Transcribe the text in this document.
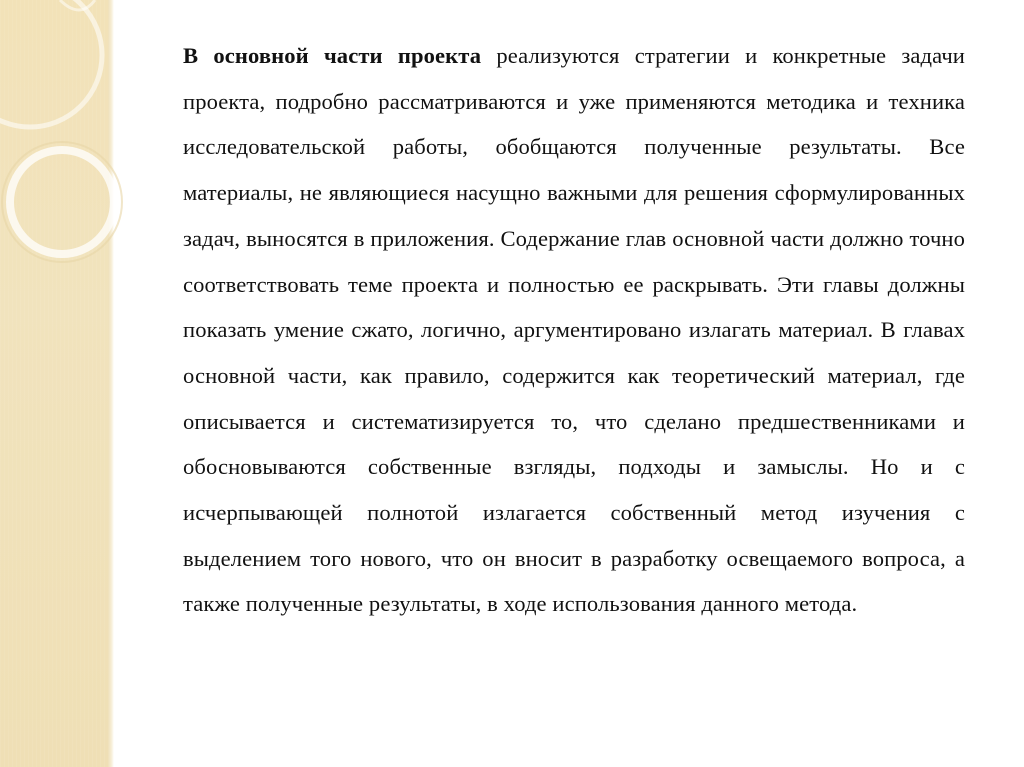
В основной части проекта реализуются стратегии и конкретные задачи проекта, подробно рассматриваются и уже применяются методика и техника исследовательской работы, обобщаются полученные результаты. Все материалы, не являющиеся насущно важными для решения сформулированных задач, выносятся в приложения. Содержание глав основной части должно точно соответствовать теме проекта и полностью ее раскрывать. Эти главы должны показать умение сжато, логично, аргументировано излагать материал. В главах основной части, как правило, содержится как теоретический материал, где описывается и систематизируется то, что сделано предшественниками и обосновываются собственные взгляды, подходы и замыслы. Но и с исчерпывающей полнотой излагается собственный метод изучения с выделением того нового, что он вносит в разработку освещаемого вопроса, а также полученные результаты, в ходе использования данного метода.
